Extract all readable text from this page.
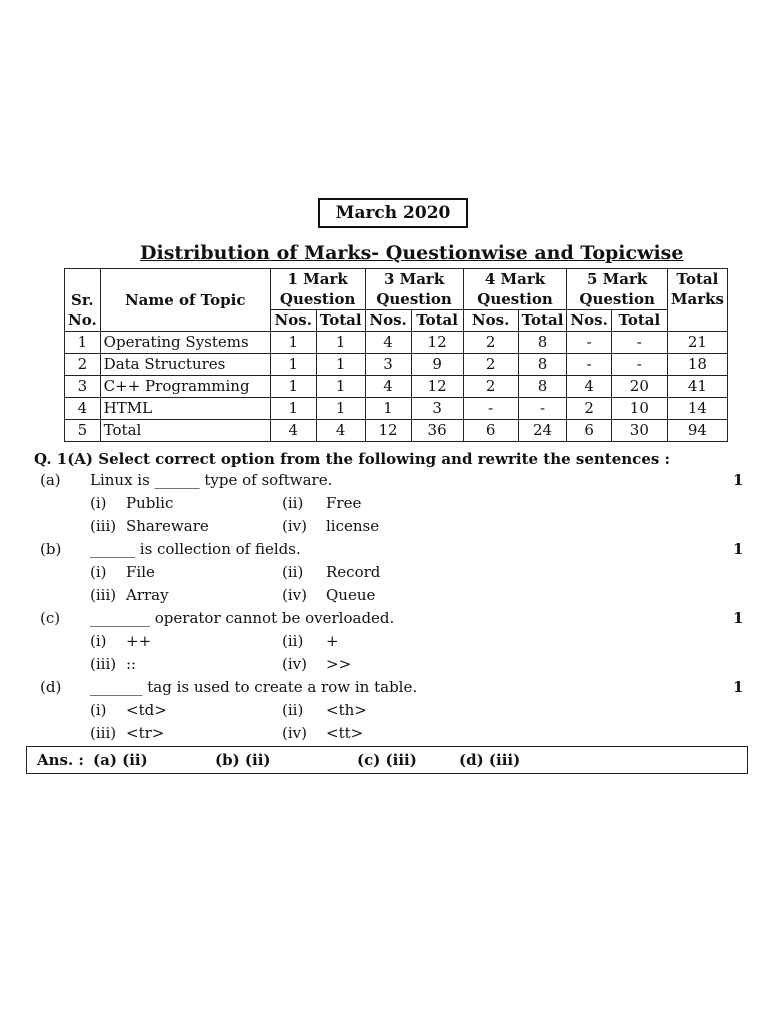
March 2020
Distribution of Marks- Questionwise and Topicwise
Sr. No.	Name of Topic	1 Mark Question		3 Mark Question		4 Mark Question		5 Mark Question		Total Marks
		Nos.	Total	Nos.	Total	Nos.	Total	Nos.	Total	
1	Operating Systems	1	1	4	12	2	8	-	-	21
2	Data Structures	1	1	3	9	2	8	-	-	18
3	C++ Programming	1	1	4	12	2	8	4	20	41
4	HTML	1	1	1	3	-	-	2	10	14
5	Total	4	4	12	36	6	24	6	30	94
Q. 1(A) Select correct option from the following and rewrite the sentences :
(a) Linux is ______ type of software.	1
(i) Public	(ii) Free
(iii) Shareware	(iv) license
(b) ______ is collection of fields.	1
(i) File	(ii) Record
(iii) Array	(iv) Queue
(c) ________ operator cannot be overloaded.	1
(i) ++	(ii) +
(iii) ::	(iv) >>
(d) _______ tag is used to create a row in table.	1
(i) <td>	(ii) <th>
(iii) <tr>	(iv) <tt>
Ans. : (a) (ii)	(b) (ii)	(c) (iii)	(d) (iii)
